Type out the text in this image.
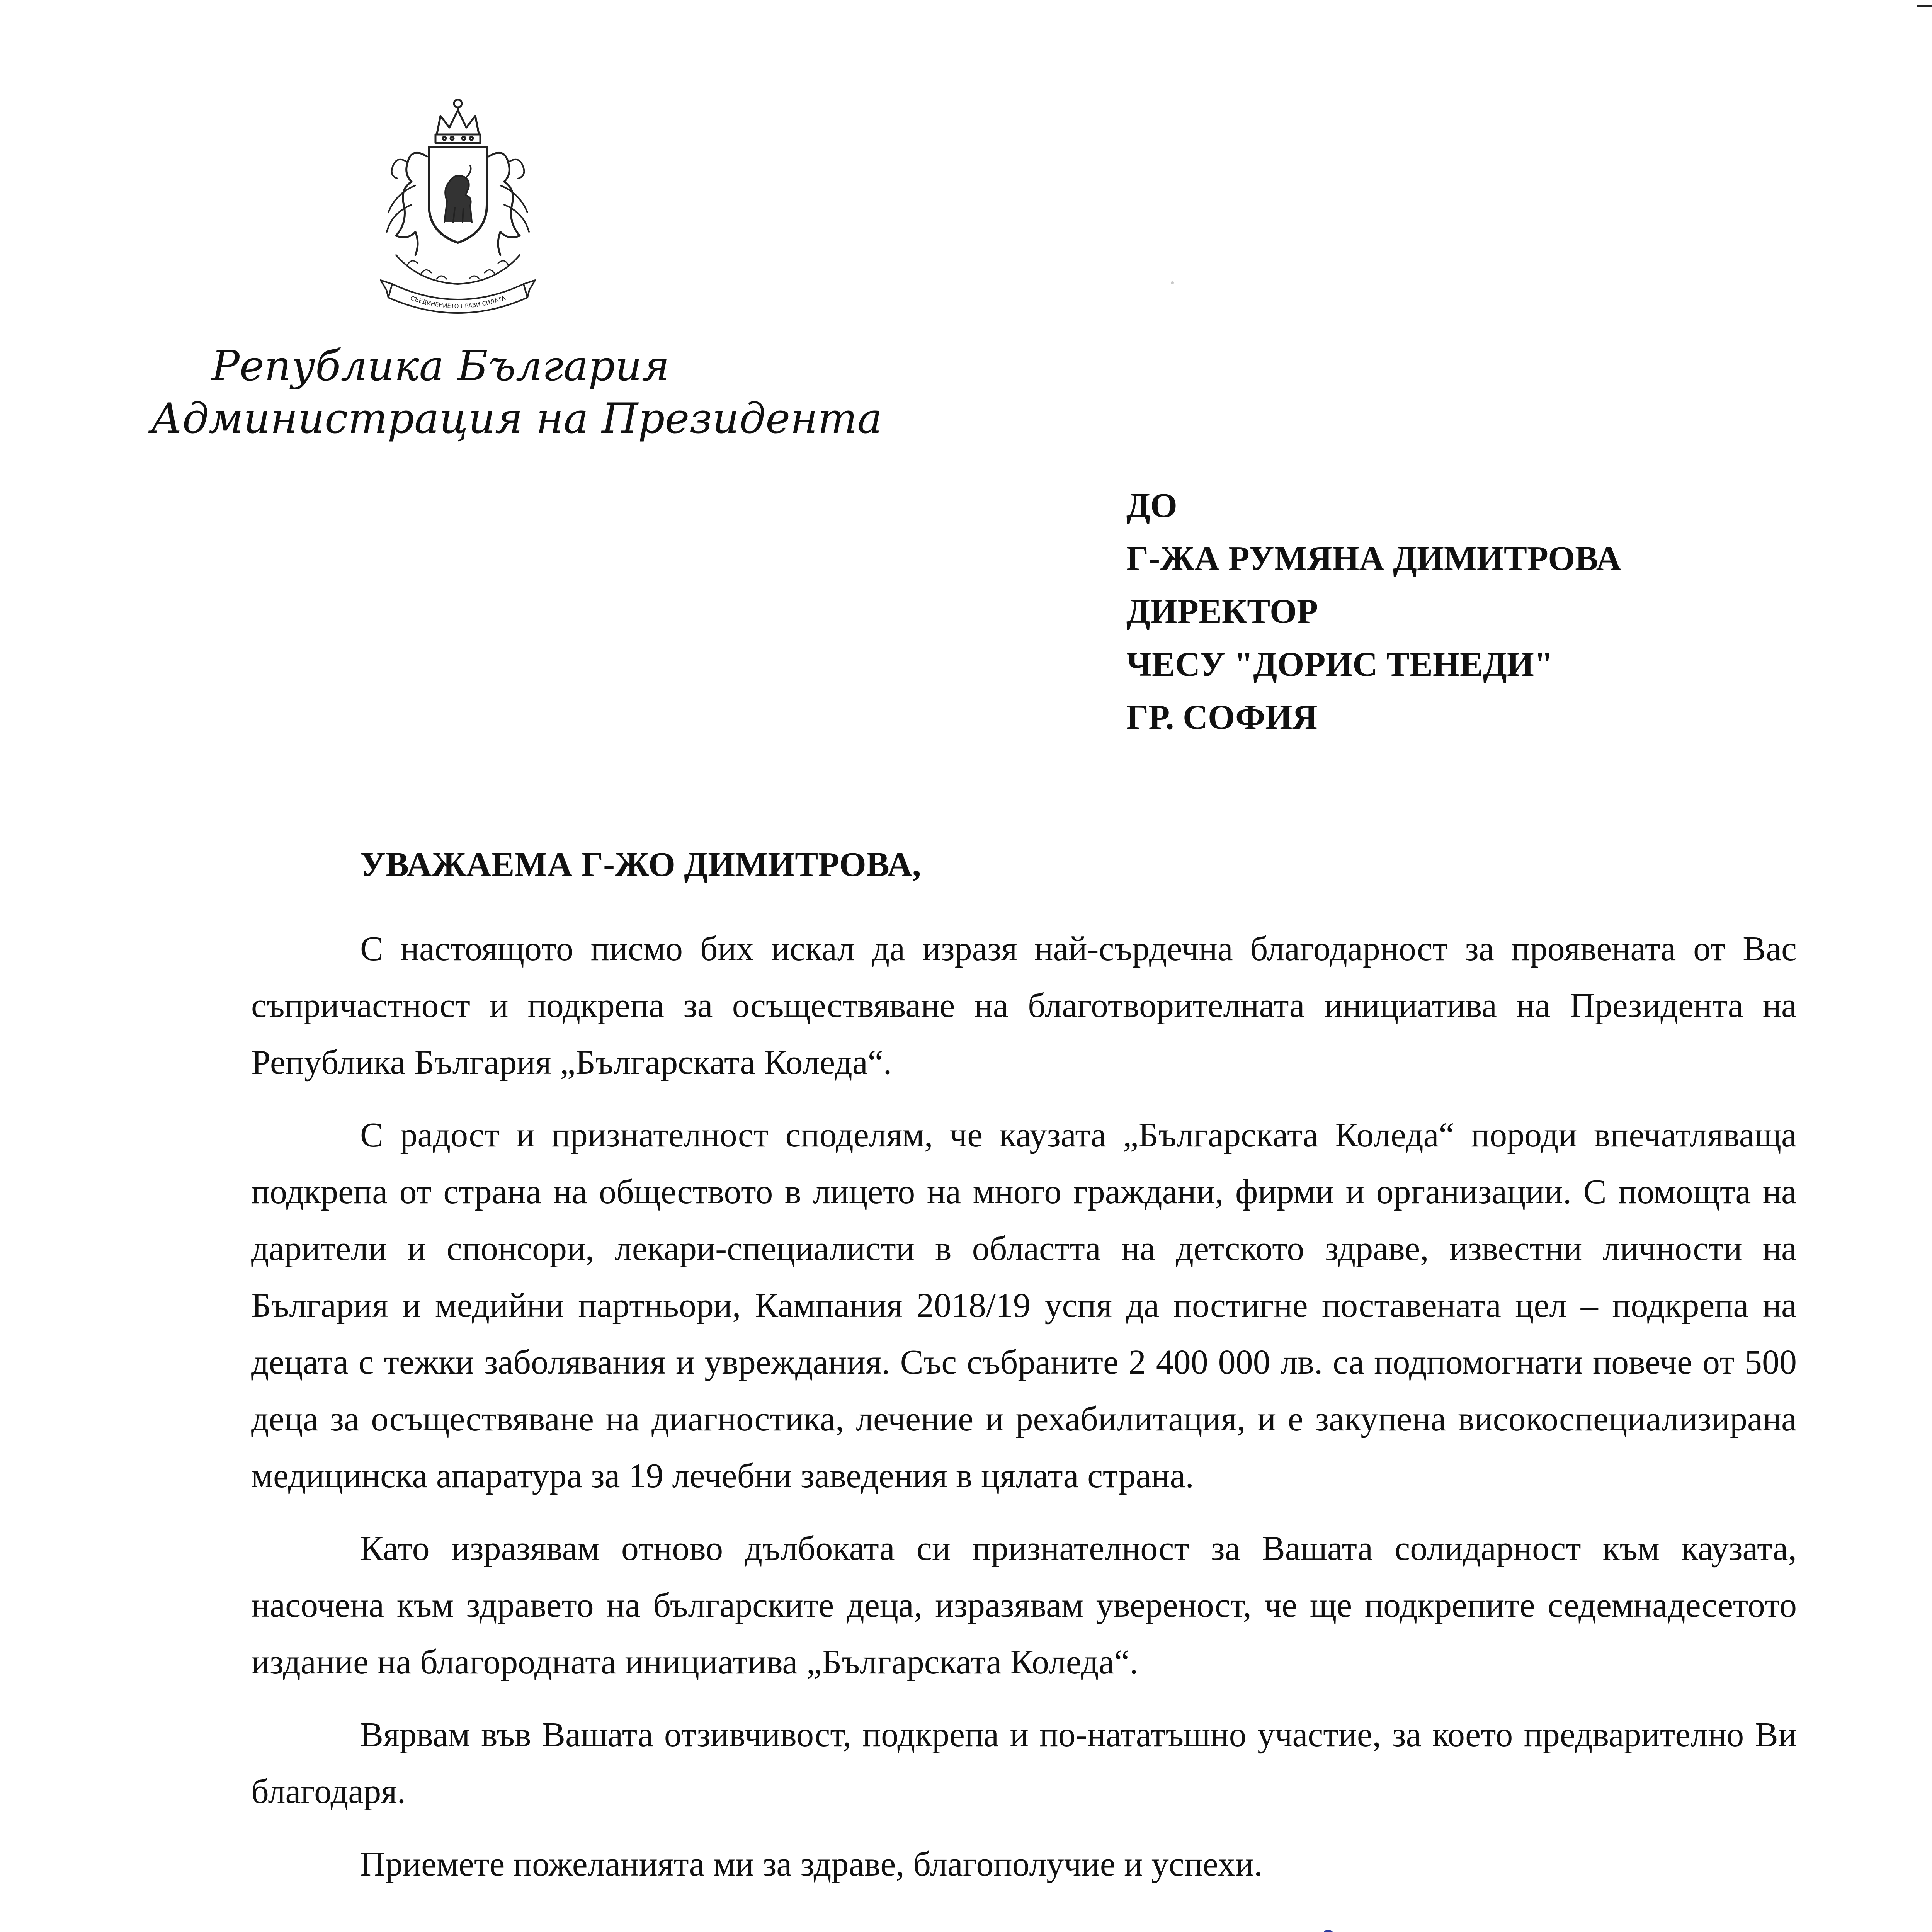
СЪЕДИНЕНИЕТО ПРАВИ СИЛАТА
Република България
Администрация на Президента
ДО
Г-ЖА РУМЯНА ДИМИТРОВА
ДИРЕКТОР
ЧЕСУ "ДОРИС ТЕНЕДИ"
ГР. СОФИЯ
УВАЖАЕМА Г-ЖО ДИМИТРОВА,

С настоящото писмо бих искал да изразя най-сърдечна благодарност за проявената от Вас съпричастност и подкрепа за осъществяване на благотворителната инициатива на Президента на Република България „Българската Коледа“.

С радост и признателност споделям, че каузата „Българската Коледа“ породи впечатляваща подкрепа от страна на обществото в лицето на много граждани, фирми и организации. С помощта на дарители и спонсори, лекари-специалисти в областта на детското здраве, известни личности на България и медийни партньори, Кампания 2018/19 успя да постигне поставената цел – подкрепа на децата с тежки заболявания и увреждания. Със събраните 2 400 000 лв. са подпомогнати повече от 500 деца за осъществяване на диагностика, лечение и рехабилитация, и е закупена високоспециализирана медицинска апаратура за 19 лечебни заведения в цялата страна.

Като изразявам отново дълбоката си признателност за Вашата солидарност към каузата, насочена към здравето на българските деца, изразявам увереност, че ще подкрепите седемнадесетото издание на благородната инициатива „Българската Коледа“.

Вярвам във Вашата отзивчивост, подкрепа и по-нататъшно участие, за което предварително Ви благодаря.

Приемете пожеланията ми за здраве, благополучие и успехи.
